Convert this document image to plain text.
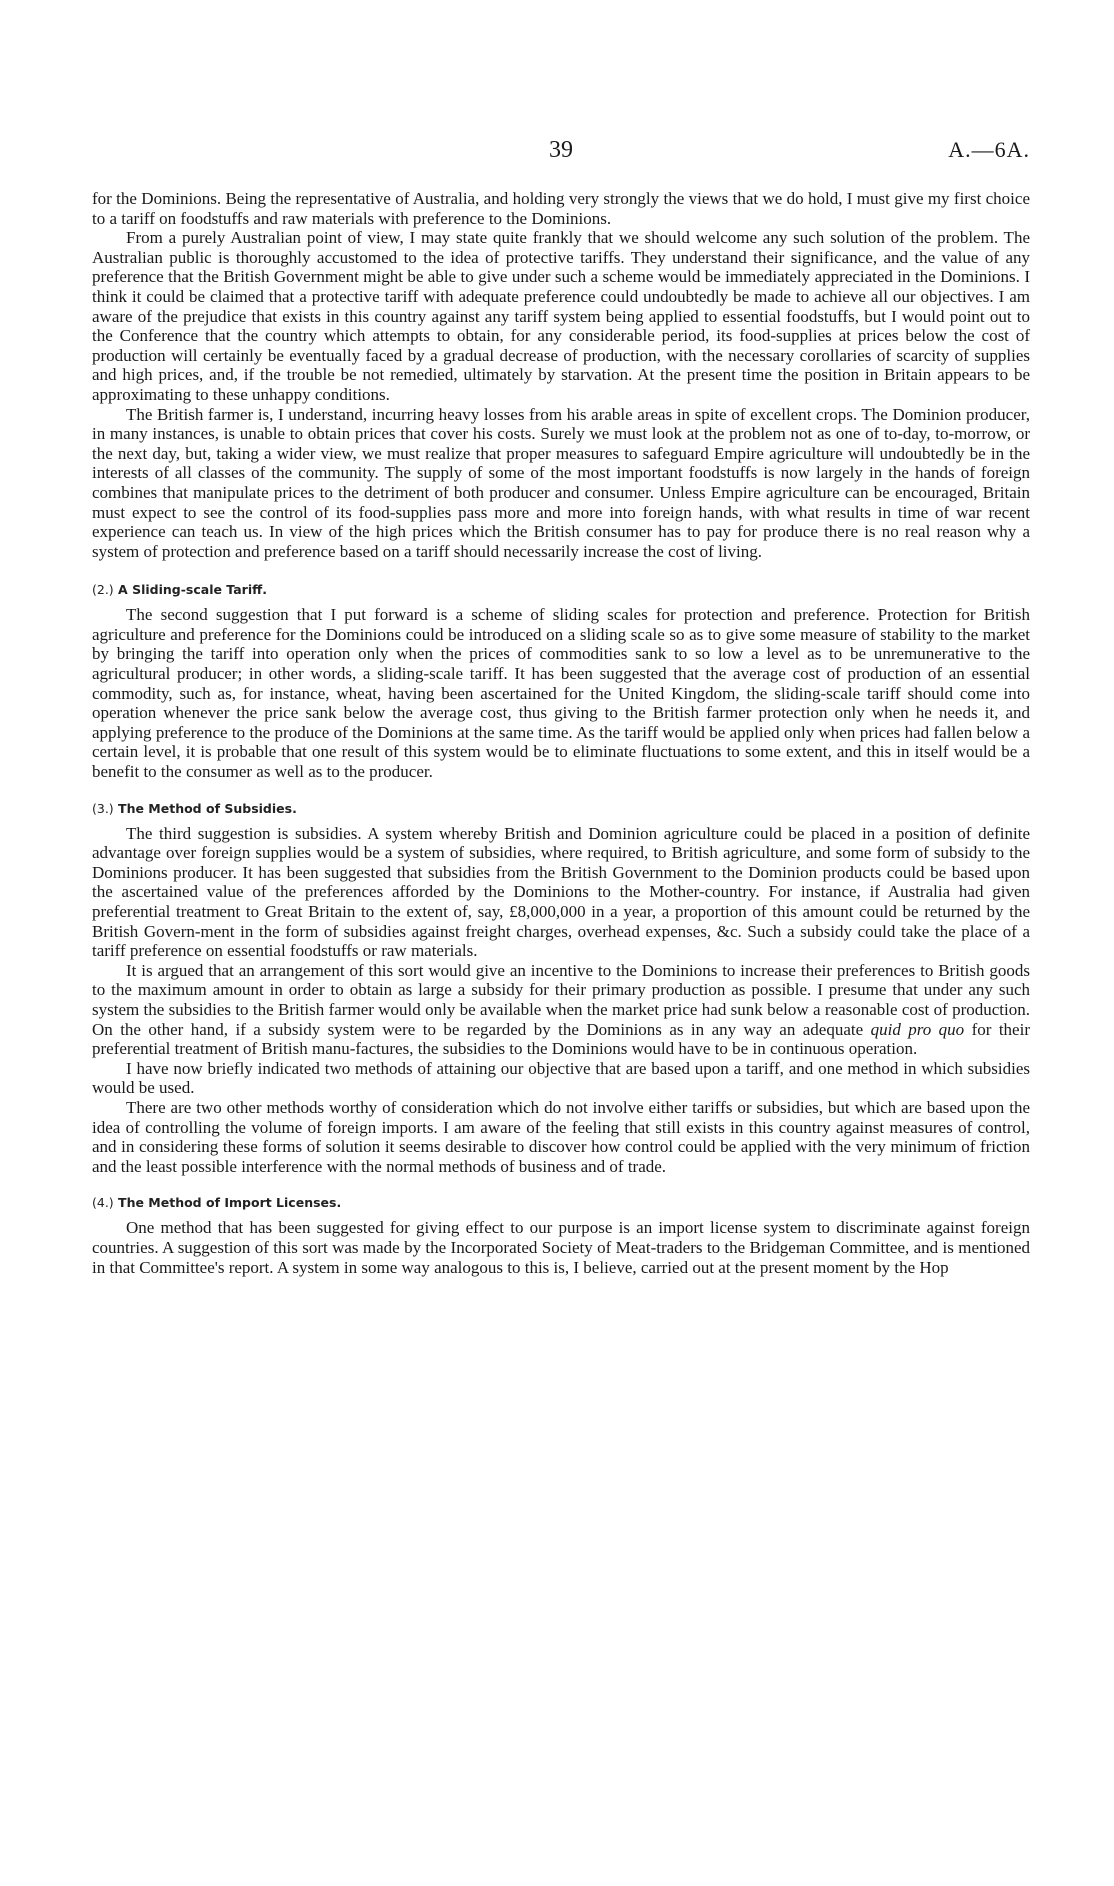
39	A.—6A.

for the Dominions. Being the representative of Australia, and holding very strongly the views that we do hold, I must give my first choice to a tariff on foodstuffs and raw materials with preference to the Dominions.

From a purely Australian point of view, I may state quite frankly that we should welcome any such solution of the problem. The Australian public is thoroughly accustomed to the idea of protective tariffs. They understand their significance, and the value of any preference that the British Government might be able to give under such a scheme would be immediately appreciated in the Dominions. I think it could be claimed that a protective tariff with adequate preference could undoubtedly be made to achieve all our objectives. I am aware of the prejudice that exists in this country against any tariff system being applied to essential foodstuffs, but I would point out to the Conference that the country which attempts to obtain, for any considerable period, its food-supplies at prices below the cost of production will certainly be eventually faced by a gradual decrease of production, with the necessary corollaries of scarcity of supplies and high prices, and, if the trouble be not remedied, ultimately by starvation. At the present time the position in Britain appears to be approximating to these unhappy conditions.

The British farmer is, I understand, incurring heavy losses from his arable areas in spite of excellent crops. The Dominion producer, in many instances, is unable to obtain prices that cover his costs. Surely we must look at the problem not as one of to-day, to-morrow, or the next day, but, taking a wider view, we must realize that proper measures to safeguard Empire agriculture will undoubtedly be in the interests of all classes of the community. The supply of some of the most important foodstuffs is now largely in the hands of foreign combines that manipulate prices to the detriment of both producer and consumer. Unless Empire agriculture can be encouraged, Britain must expect to see the control of its food-supplies pass more and more into foreign hands, with what results in time of war recent experience can teach us. In view of the high prices which the British consumer has to pay for produce there is no real reason why a system of protection and preference based on a tariff should necessarily increase the cost of living.

(2.) A Sliding-scale Tariff.

The second suggestion that I put forward is a scheme of sliding scales for protection and preference. Protection for British agriculture and preference for the Dominions could be introduced on a sliding scale so as to give some measure of stability to the market by bringing the tariff into operation only when the prices of commodities sank to so low a level as to be unremunerative to the agricultural producer; in other words, a sliding-scale tariff. It has been suggested that the average cost of production of an essential commodity, such as, for instance, wheat, having been ascertained for the United Kingdom, the sliding-scale tariff should come into operation whenever the price sank below the average cost, thus giving to the British farmer protection only when he needs it, and applying preference to the produce of the Dominions at the same time. As the tariff would be applied only when prices had fallen below a certain level, it is probable that one result of this system would be to eliminate fluctuations to some extent, and this in itself would be a benefit to the consumer as well as to the producer.

(3.) The Method of Subsidies.

The third suggestion is subsidies. A system whereby British and Dominion agriculture could be placed in a position of definite advantage over foreign supplies would be a system of subsidies, where required, to British agriculture, and some form of subsidy to the Dominions producer. It has been suggested that subsidies from the British Government to the Dominion products could be based upon the ascertained value of the preferences afforded by the Dominions to the Mother-country. For instance, if Australia had given preferential treatment to Great Britain to the extent of, say, £8,000,000 in a year, a proportion of this amount could be returned by the British Govern-ment in the form of subsidies against freight charges, overhead expenses, &c. Such a subsidy could take the place of a tariff preference on essential foodstuffs or raw materials.

It is argued that an arrangement of this sort would give an incentive to the Dominions to increase their preferences to British goods to the maximum amount in order to obtain as large a subsidy for their primary production as possible. I presume that under any such system the subsidies to the British farmer would only be available when the market price had sunk below a reasonable cost of production. On the other hand, if a subsidy system were to be regarded by the Dominions as in any way an adequate quid pro quo for their preferential treatment of British manu-factures, the subsidies to the Dominions would have to be in continuous operation.

I have now briefly indicated two methods of attaining our objective that are based upon a tariff, and one method in which subsidies would be used.

There are two other methods worthy of consideration which do not involve either tariffs or subsidies, but which are based upon the idea of controlling the volume of foreign imports. I am aware of the feeling that still exists in this country against measures of control, and in considering these forms of solution it seems desirable to discover how control could be applied with the very minimum of friction and the least possible interference with the normal methods of business and of trade.

(4.) The Method of Import Licenses.

One method that has been suggested for giving effect to our purpose is an import license system to discriminate against foreign countries. A suggestion of this sort was made by the Incorporated Society of Meat-traders to the Bridgeman Committee, and is mentioned in that Committee's report. A system in some way analogous to this is, I believe, carried out at the present moment by the Hop
